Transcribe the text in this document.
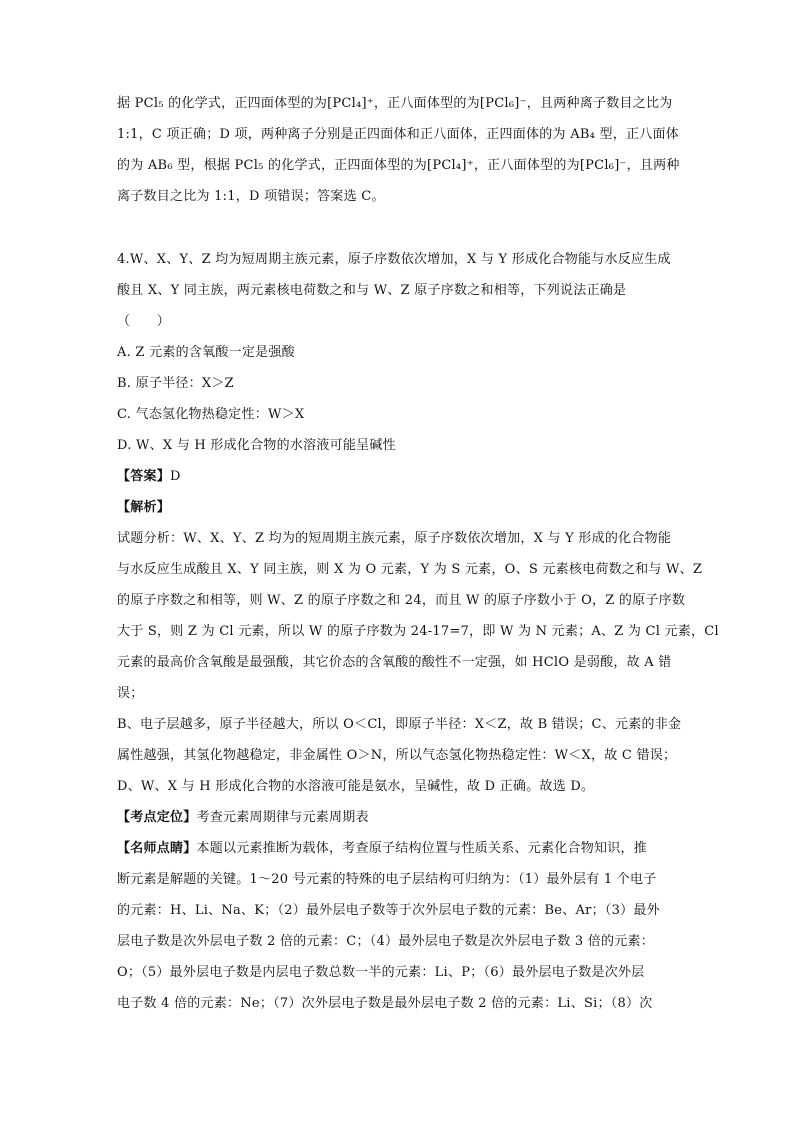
据 PCl₅ 的化学式，正四面体型的为[PCl₄]⁺，正八面体型的为[PCl₆]⁻，且两种离子数目之比为
1:1，C 项正确；D 项，两种离子分别是正四面体和正八面体，正四面体的为 AB₄ 型，正八面体
的为 AB₆ 型，根据 PCl₅ 的化学式，正四面体型的为[PCl₄]⁺，正八面体型的为[PCl₆]⁻，且两种
离子数目之比为 1:1，D 项错误；答案选 C。
4.W、X、Y、Z 均为短周期主族元素，原子序数依次增加，X 与 Y 形成化合物能与水反应生成
酸且 X、Y 同主族，两元素核电荷数之和与 W、Z 原子序数之和相等，下列说法正确是
（　　）
A. Z 元素的含氧酸一定是强酸
B. 原子半径：X＞Z
C. 气态氢化物热稳定性：W＞X
D. W、X 与 H 形成化合物的水溶液可能呈碱性
【答案】D
【解析】
试题分析：W、X、Y、Z 均为的短周期主族元素，原子序数依次增加，X 与 Y 形成的化合物能
与水反应生成酸且 X、Y 同主族，则 X 为 O 元素，Y 为 S 元素，O、S 元素核电荷数之和与 W、Z
的原子序数之和相等，则 W、Z 的原子序数之和 24，而且 W 的原子序数小于 O，Z 的原子序数
大于 S，则 Z 为 Cl 元素，所以 W 的原子序数为 24-17=7，即 W 为 N 元素；A、Z 为 Cl 元素，Cl
元素的最高价含氧酸是最强酸，其它价态的含氧酸的酸性不一定强，如 HClO 是弱酸，故 A 错
误；
B、电子层越多，原子半径越大，所以 O＜Cl，即原子半径：X＜Z，故 B 错误；C、元素的非金
属性越强，其氢化物越稳定，非金属性 O＞N，所以气态氢化物热稳定性：W＜X，故 C 错误；
D、W、X 与 H 形成化合物的水溶液可能是氨水，呈碱性，故 D 正确。故选 D。
【考点定位】考查元素周期律与元素周期表
【名师点睛】本题以元素推断为载体，考查原子结构位置与性质关系、元素化合物知识，推
断元素是解题的关键。1～20 号元素的特殊的电子层结构可归纳为：（1）最外层有 1 个电子
的元素：H、Li、Na、K；（2）最外层电子数等于次外层电子数的元素：Be、Ar；（3）最外
层电子数是次外层电子数 2 倍的元素：C；（4）最外层电子数是次外层电子数 3 倍的元素：
O；（5）最外层电子数是内层电子数总数一半的元素：Li、P；（6）最外层电子数是次外层
电子数 4 倍的元素：Ne；（7）次外层电子数是最外层电子数 2 倍的元素：Li、Si；（8）次
